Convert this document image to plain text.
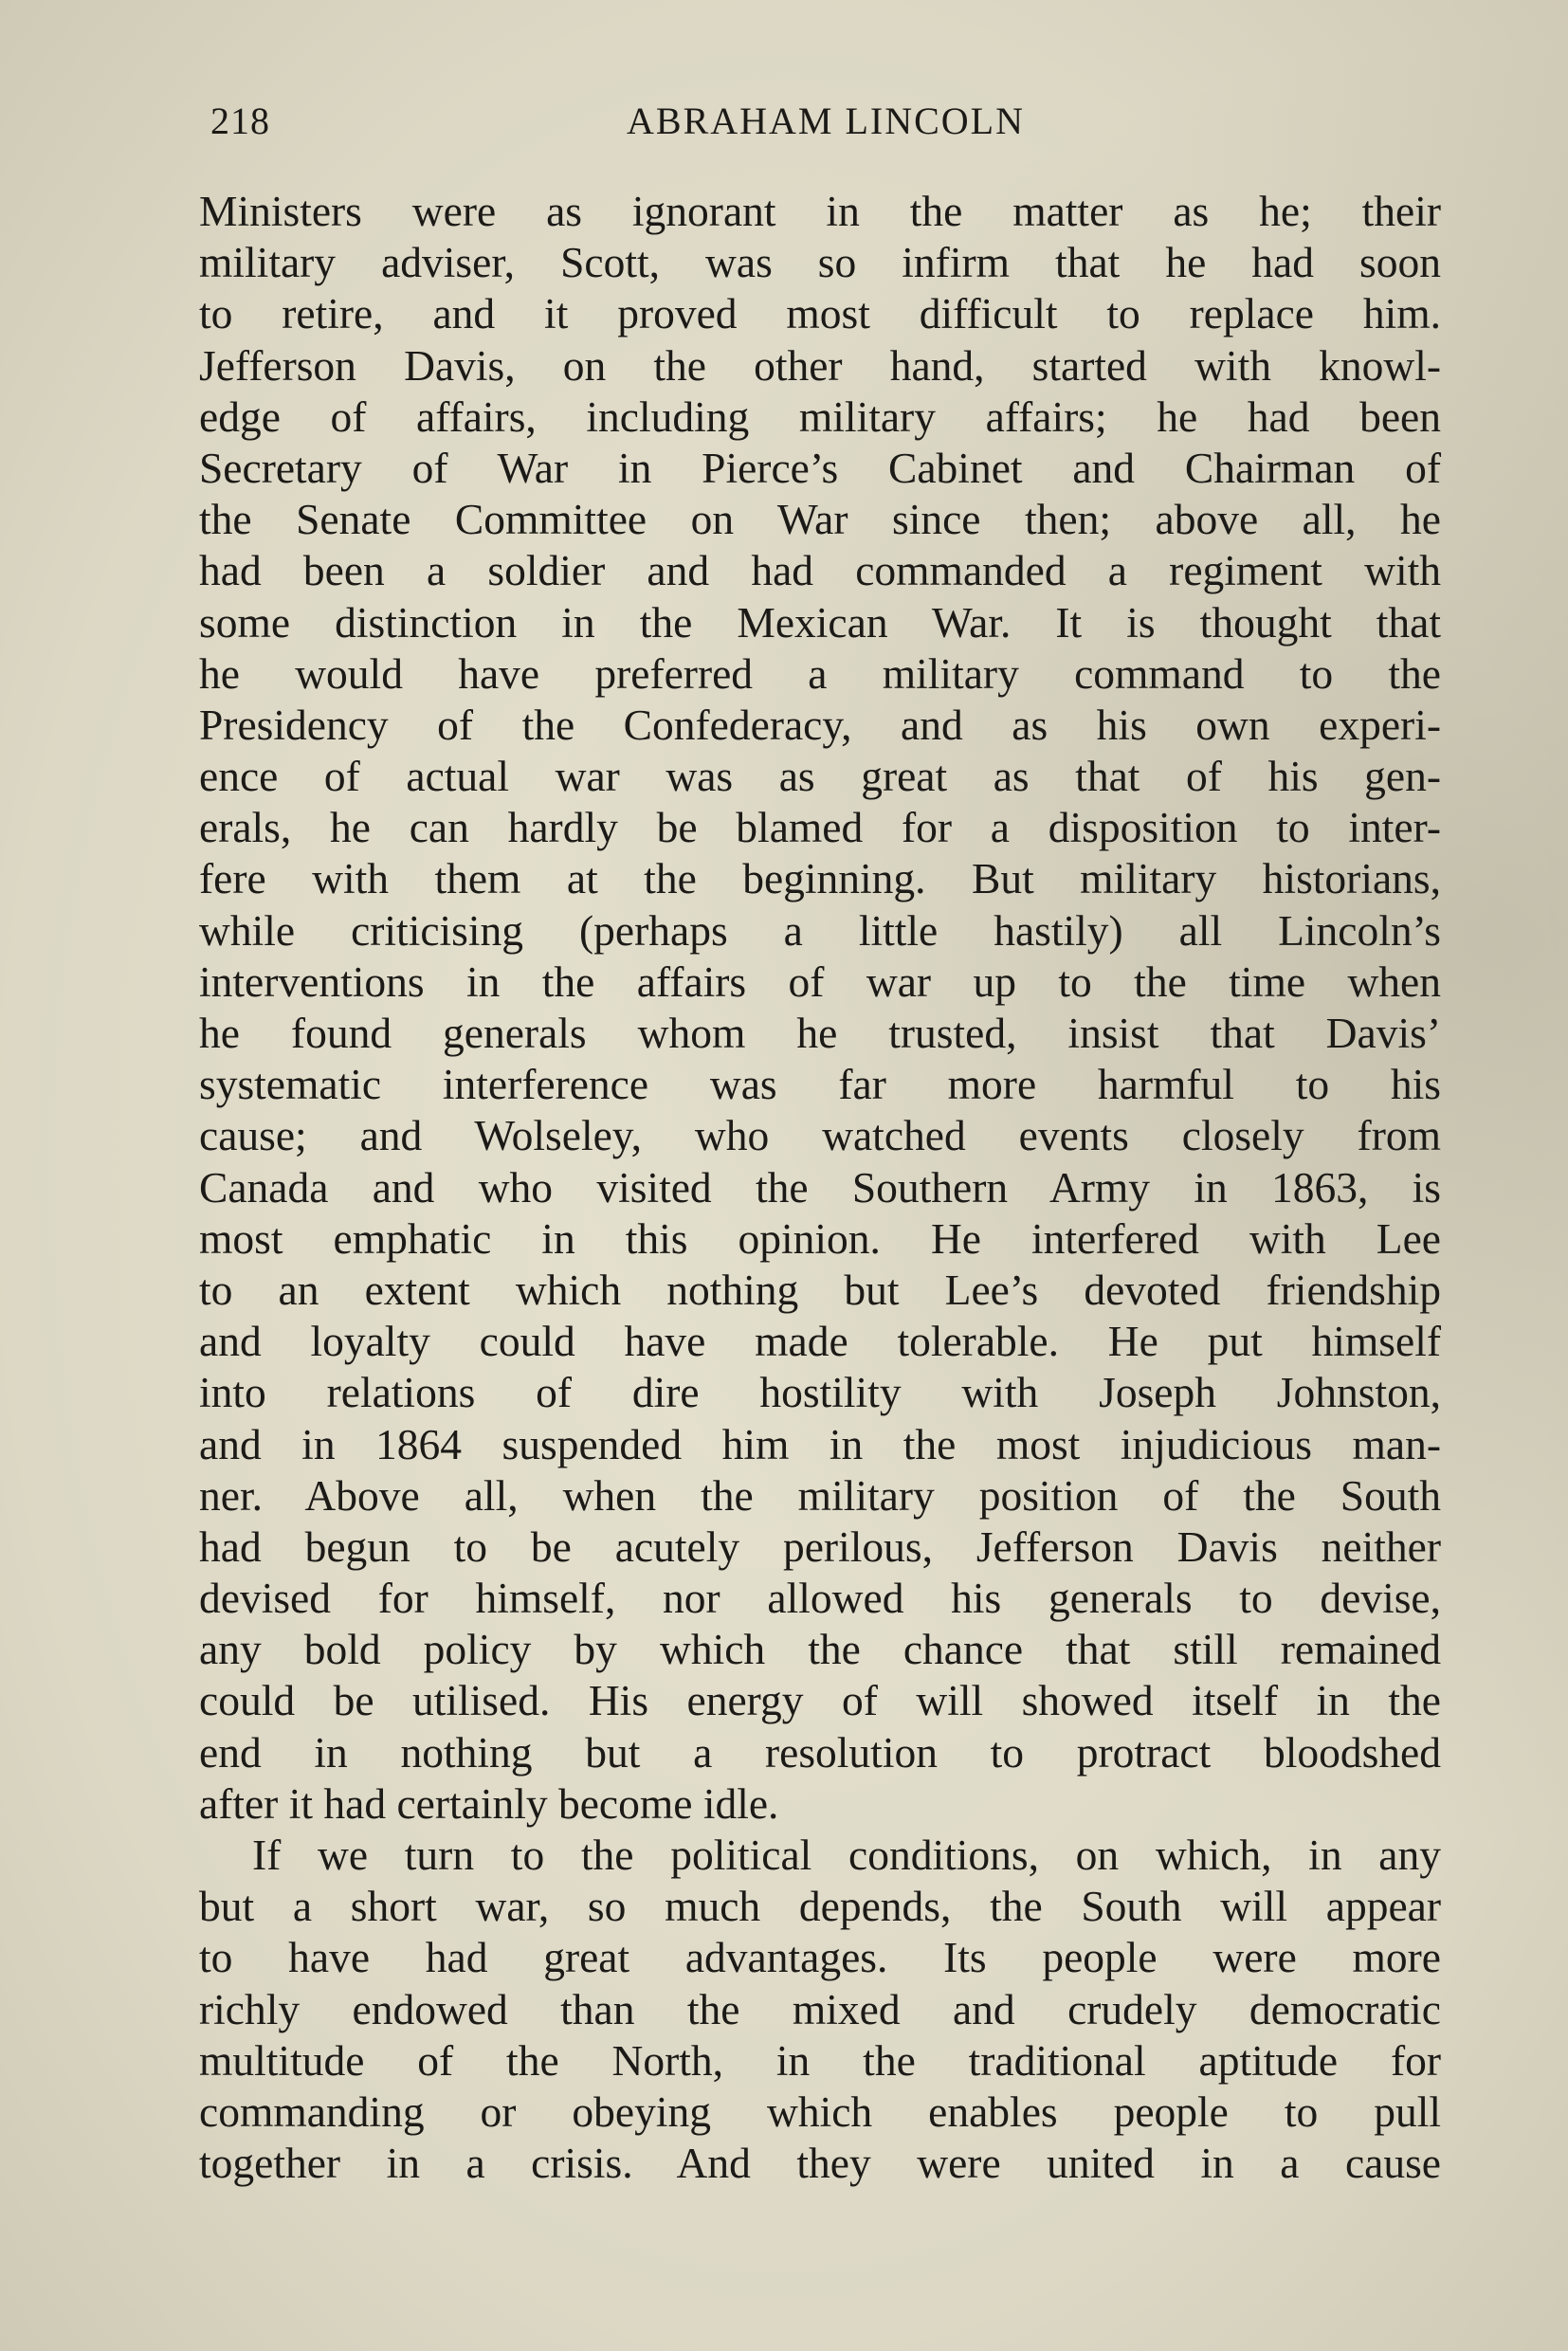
218	ABRAHAM LINCOLN
Ministers were as ignorant in the matter as he; their
military adviser, Scott, was so infirm that he had soon
to retire, and it proved most difficult to replace him.
Jefferson Davis, on the other hand, started with knowl-
edge of affairs, including military affairs; he had been
Secretary of War in Pierce’s Cabinet and Chairman of
the Senate Committee on War since then; above all, he
had been a soldier and had commanded a regiment with
some distinction in the Mexican War. It is thought that
he would have preferred a military command to the
Presidency of the Confederacy, and as his own experi-
ence of actual war was as great as that of his gen-
erals, he can hardly be blamed for a disposition to inter-
fere with them at the beginning. But military historians,
while criticising (perhaps a little hastily) all Lincoln’s
interventions in the affairs of war up to the time when
he found generals whom he trusted, insist that Davis’
systematic interference was far more harmful to his
cause; and Wolseley, who watched events closely from
Canada and who visited the Southern Army in 1863, is
most emphatic in this opinion. He interfered with Lee
to an extent which nothing but Lee’s devoted friendship
and loyalty could have made tolerable. He put himself
into relations of dire hostility with Joseph Johnston,
and in 1864 suspended him in the most injudicious man-
ner. Above all, when the military position of the South
had begun to be acutely perilous, Jefferson Davis neither
devised for himself, nor allowed his generals to devise,
any bold policy by which the chance that still remained
could be utilised. His energy of will showed itself in the
end in nothing but a resolution to protract bloodshed
after it had certainly become idle.
If we turn to the political conditions, on which, in any
but a short war, so much depends, the South will appear
to have had great advantages. Its people were more
richly endowed than the mixed and crudely democratic
multitude of the North, in the traditional aptitude for
commanding or obeying which enables people to pull
together in a crisis. And they were united in a cause
